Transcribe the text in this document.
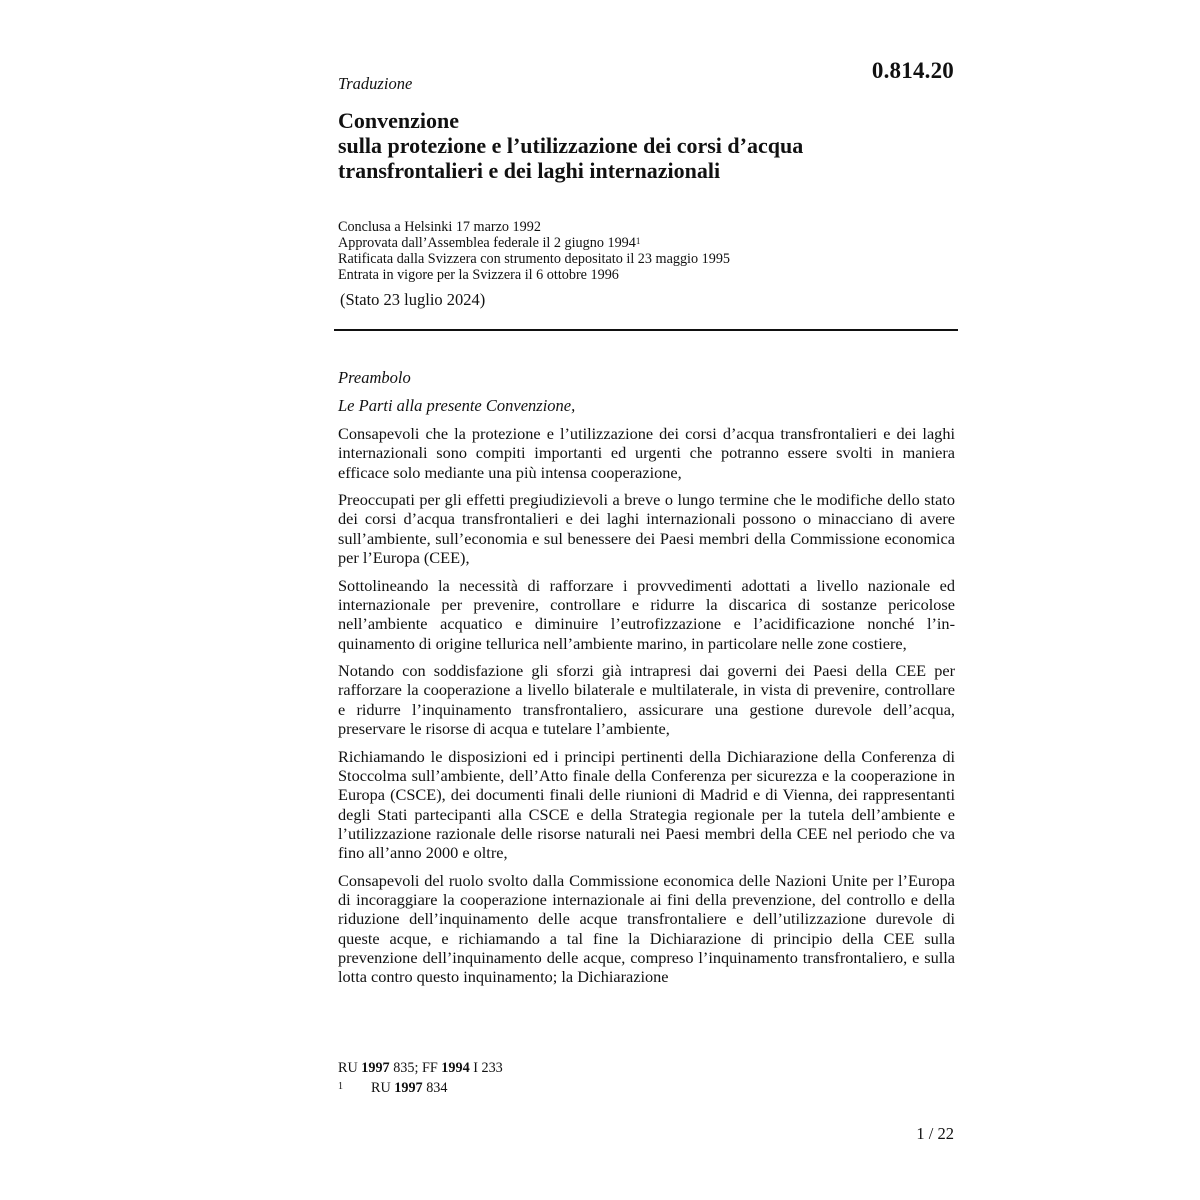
Traduzione
0.814.20
Convenzione
sulla protezione e l’utilizzazione dei corsi d’acqua
transfrontalieri e dei laghi internazionali
Conclusa a Helsinki 17 marzo 1992
Approvata dall’Assemblea federale il 2 giugno 1994$^1$
Ratificata dalla Svizzera con strumento depositato il 23 maggio 1995
Entrata in vigore per la Svizzera il 6 ottobre 1996
(Stato 23 luglio 2024)
Preambolo
Le Parti alla presente Convenzione,

Consapevoli che la protezione e l’utilizzazione dei corsi d’acqua transfrontalieri e dei laghi internazionali sono compiti importanti ed urgenti che potranno essere svolti in maniera efficace solo mediante una più intensa cooperazione,

Preoccupati per gli effetti pregiudizievoli a breve o lungo termine che le modifiche dello stato dei corsi d’acqua transfrontalieri e dei laghi internazionali possono o minacciano di avere sull’ambiente, sull’economia e sul benessere dei Paesi membri della Commissione economica per l’Europa (CEE),

Sottolineando la necessità di rafforzare i provvedimenti adottati a livello nazionale ed internazionale per prevenire, controllare e ridurre la discarica di sostanze pericolose nell’ambiente acquatico e diminuire l’eutrofizzazione e l’acidificazione nonché l’inquinamento di origine tellurica nell’ambiente marino, in particolare nelle zone costiere,

Notando con soddisfazione gli sforzi già intrapresi dai governi dei Paesi della CEE per rafforzare la cooperazione a livello bilaterale e multilaterale, in vista di prevenire, controllare e ridurre l’inquinamento transfrontaliero, assicurare una gestione durevole dell’acqua, preservare le risorse di acqua e tutelare l’ambiente,

Richiamando le disposizioni ed i principi pertinenti della Dichiarazione della Conferenza di Stoccolma sull’ambiente, dell’Atto finale della Conferenza per sicurezza e la cooperazione in Europa (CSCE), dei documenti finali delle riunioni di Madrid e di Vienna, dei rappresentanti degli Stati partecipanti alla CSCE e della Strategia regionale per la tutela dell’ambiente e l’utilizzazione razionale delle risorse naturali nei Paesi membri della CEE nel periodo che va fino all’anno 2000 e oltre,

Consapevoli del ruolo svolto dalla Commissione economica delle Nazioni Unite per l’Europa di incoraggiare la cooperazione internazionale ai fini della prevenzione, del controllo e della riduzione dell’inquinamento delle acque transfrontaliere e dell’utilizzazione durevole di queste acque, e richiamando a tal fine la Dichiarazione di principio della CEE sulla prevenzione dell’inquinamento delle acque, compreso l’inquinamento transfrontaliero, e sulla lotta contro questo inquinamento; la Dichiarazione

RU 1997 835; FF 1994 I 233
1 RU 1997 834
1 / 22
